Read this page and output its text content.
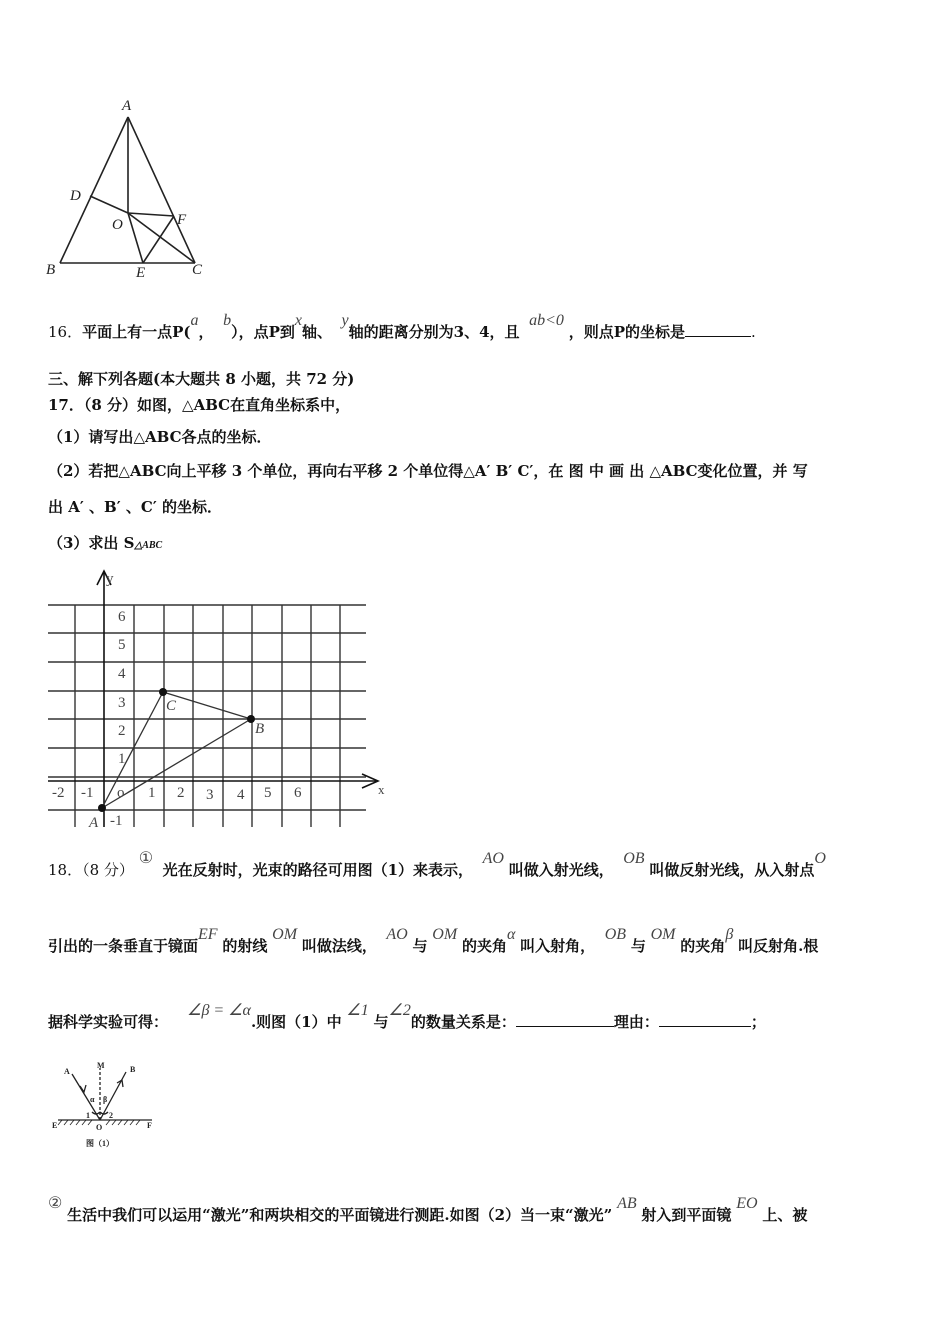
A
B	C
D
E
F
O
16．平面上有一点P(a，  b），点P到x轴、  y轴的距离分别为3、4，且  ab<0 ，则点P的坐标是	.
三、解下列各题(本大题共 8 小题，共 72 分)
17．（8 分）如图，△ABC在直角坐标系中，
（1）请写出△ABC各点的坐标．
（2）若把△ABC向上平移 3 个单位，再向右平移 2 个单位得△A′ B′ C′，在 图 中 画 出 △ABC变化位置，并 写
出 A′ 、B′ 、C′ 的坐标．
（3）求出 S△ABC
y
x
-2 -1 o 1 2 3 4 5 6
1
2
3
4
5
6
-1
A
B
C
18．（8 分） ①  光在反射时，光束的路径可用图（1）来表示，  AO 叫做入射光线，  OB 叫做反射光线，从入射点O
引出的一条垂直于镜面EF 的射线 OM 叫做法线，  AO 与 OM 的夹角α 叫入射角，  OB 与 OM 的夹角β 叫反射角.根
据科学实验可得：    ∠β = ∠α.则图（1）中 ∠1 与∠2的数量关系是：	理由：	；
A	B
M
E	F
O
α β
1 2
图（1）
② 生活中我们可以运用“激光”和两块相交的平面镜进行测距.如图（2）当一束“激光” AB 射入到平面镜 EO 上、被
